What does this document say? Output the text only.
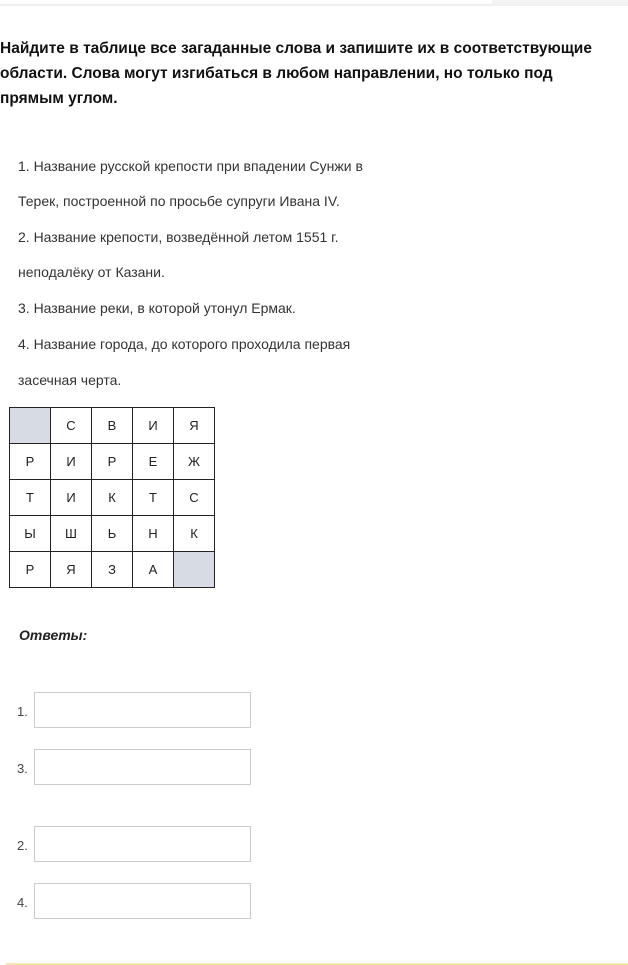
Найдите в таблице все загаданные слова и запишите их в соответствующие
области. Слова могут изгибаться в любом направлении, но только под
прямым углом.
1. Название русской крепости при впадении Сунжи в
Терек, построенной по просьбе супруги Ивана IV.
2. Название крепости, возведённой летом 1551 г.
неподалёку от Казани.
3. Название реки, в которой утонул Ермак.
4. Название города, до которого проходила первая
засечная черта.
	С	В	И	Я
Р	И	Р	Е	Ж
Т	И	К	Т	С
Ы	Ш	Ь	Н	К
Р	Я	З	А	
Ответы:
1.
3.
2.
4.
